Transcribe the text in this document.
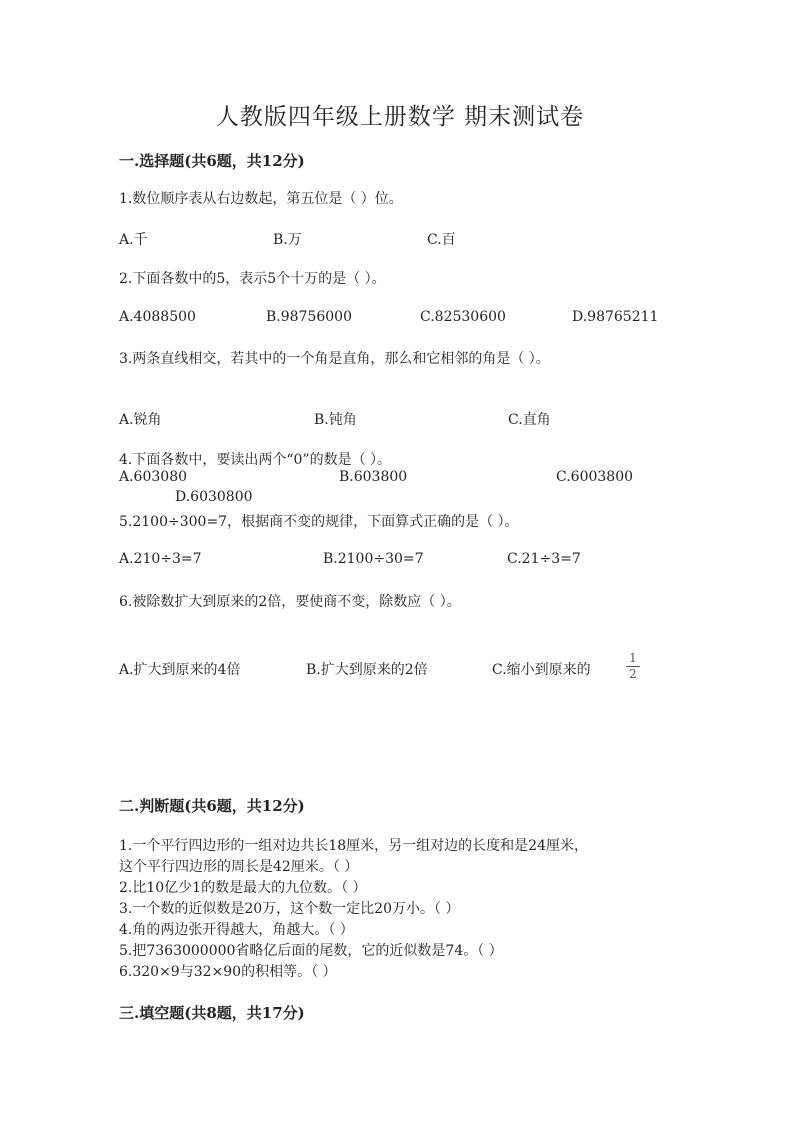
人教版四年级上册数学 期末测试卷
一.选择题(共6题，共12分)
1.数位顺序表从右边数起，第五位是（ ）位。
A.千	B.万	C.百
2.下面各数中的5，表示5个十万的是（ ）。
A.4088500	B.98756000	C.82530600	D.98765211
3.两条直线相交，若其中的一个角是直角，那么和它相邻的角是（ ）。
A.锐角	B.钝角	C.直角
4.下面各数中，要读出两个“0”的数是（ ）。
A.603080	B.603800	C.6003800
D.6030800
5.2100÷300=7，根据商不变的规律，下面算式正确的是（ ）。
A.210÷3=7	B.2100÷30=7	C.21÷3=7
6.被除数扩大到原来的2倍，要使商不变，除数应（ ）。
A.扩大到原来的4倍	B.扩大到原来的2倍	C.缩小到原来的
1
2
二.判断题(共6题，共12分)
1.一个平行四边形的一组对边共长18厘米，另一组对边的长度和是24厘米，
这个平行四边形的周长是42厘米。（ ）
2.比10亿少1的数是最大的九位数。（ ）
3.一个数的近似数是20万，这个数一定比20万小。（ ）
4.角的两边张开得越大，角越大。（ ）
5.把7363000000省略亿后面的尾数，它的近似数是74。（ ）
6.320×9与32×90的积相等。（ ）
三.填空题(共8题，共17分)
